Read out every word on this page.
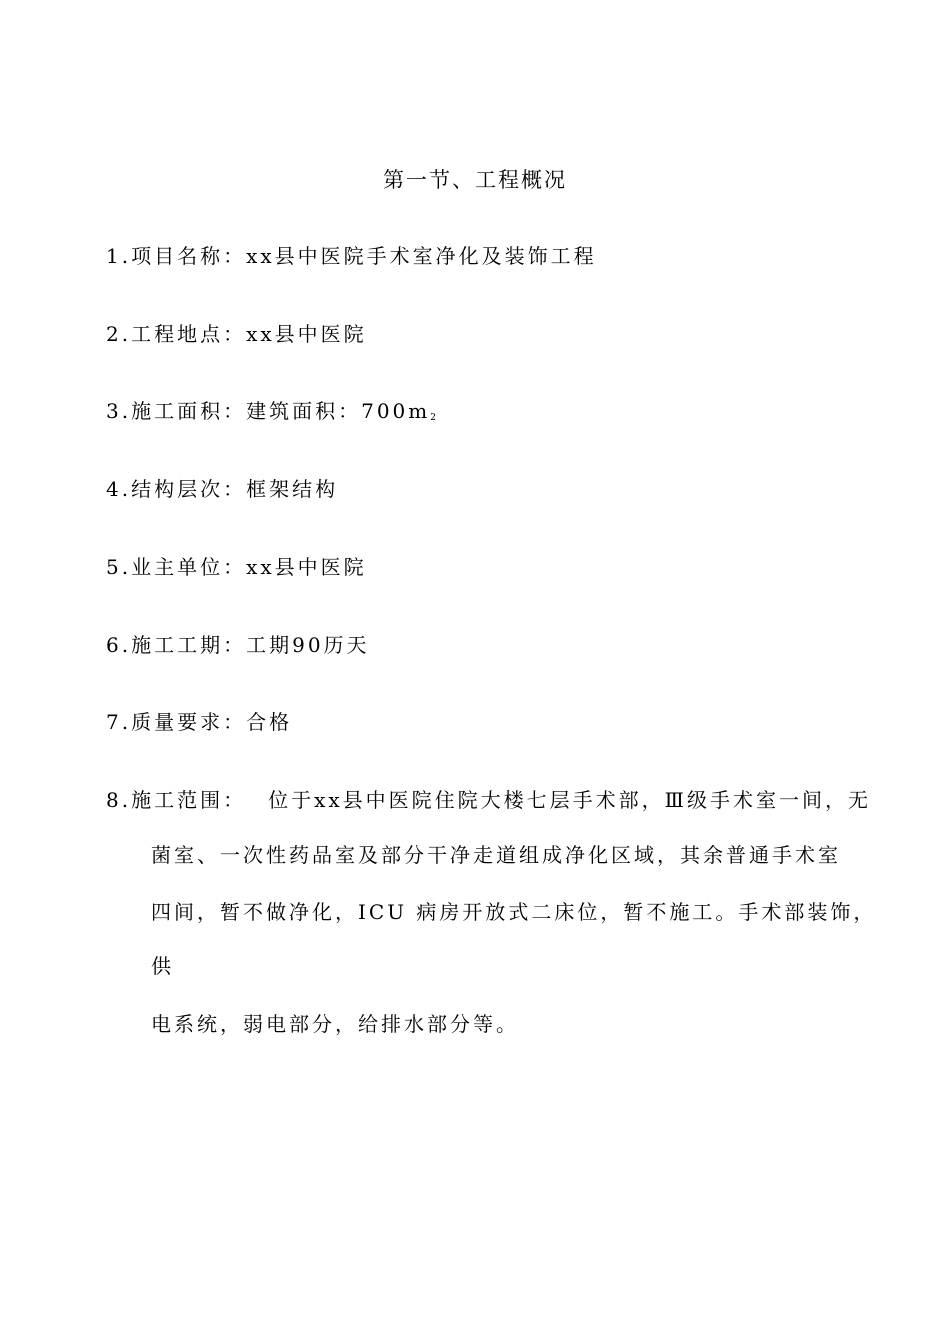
第一节、工程概况
1.项目名称：xx县中医院手术室净化及装饰工程
2.工程地点：xx县中医院
3.施工面积：建筑面积：$700m_2$
4.结构层次：框架结构
5.业主单位：xx县中医院
6.施工工期：工期90历天
7.质量要求：合格
8.施工范围： 位于xx县中医院住院大楼七层手术部，Ⅲ级手术室一间，无
菌室、一次性药品室及部分干净走道组成净化区域，其余普通手术室
四间，暂不做净化，ICU 病房开放式二床位，暂不施工。手术部装饰，
供
电系统，弱电部分，给排水部分等。
